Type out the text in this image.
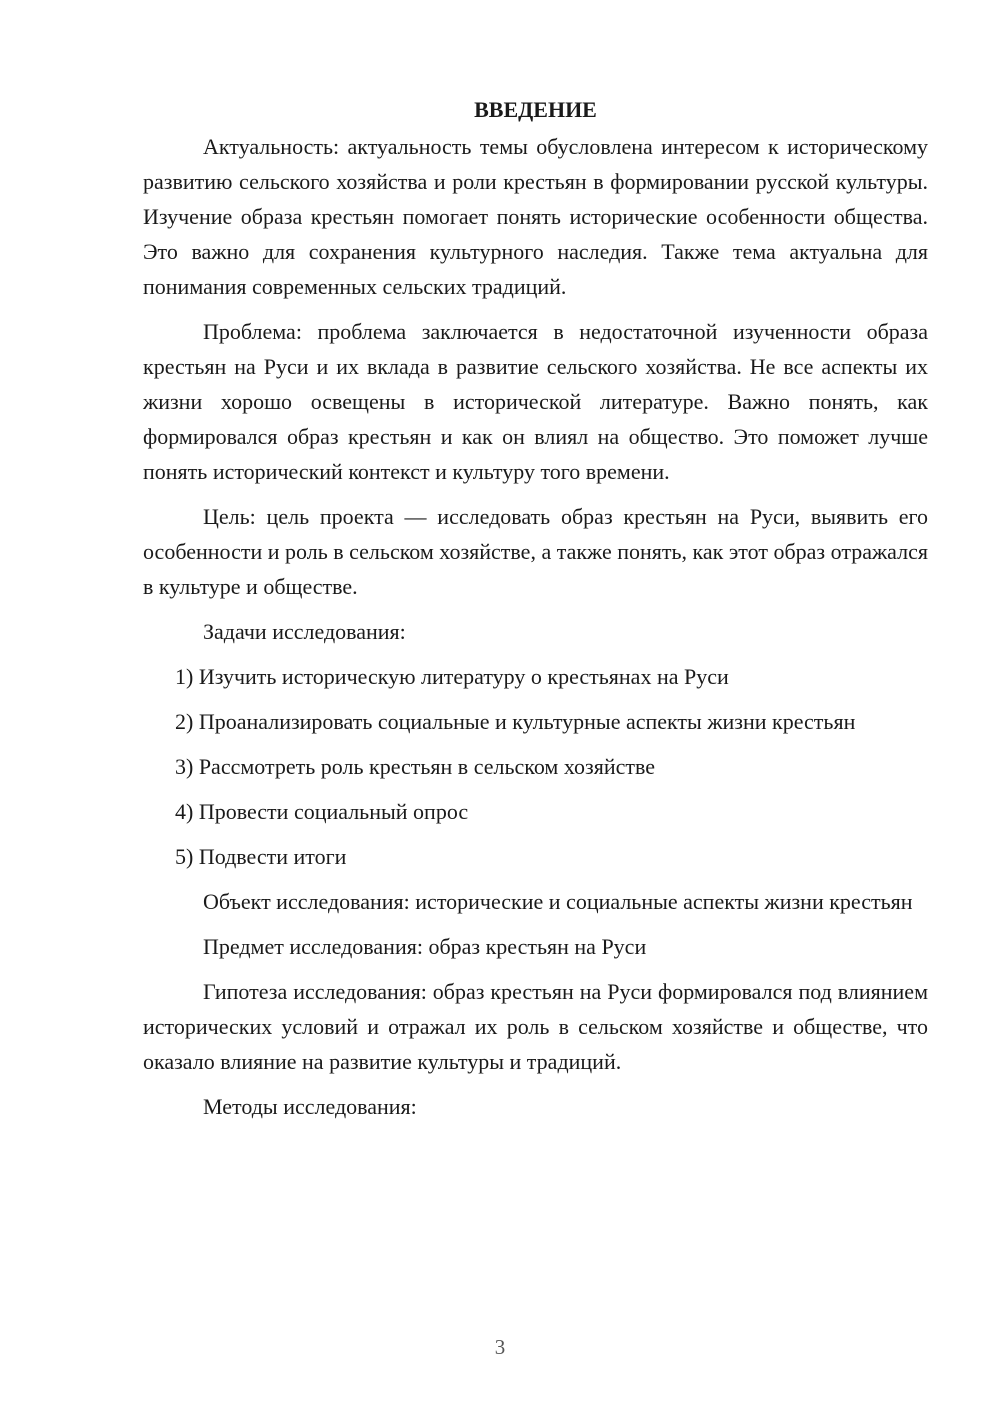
ВВЕДЕНИЕ

Актуальность: актуальность темы обусловлена интересом к историческому развитию сельского хозяйства и роли крестьян в формировании русской культуры. Изучение образа крестьян помогает понять исторические особенности общества. Это важно для сохранения культурного наследия. Также тема актуальна для понимания современных сельских традиций.

Проблема: проблема заключается в недостаточной изученности образа крестьян на Руси и их вклада в развитие сельского хозяйства. Не все аспекты их жизни хорошо освещены в исторической литературе. Важно понять, как формировался образ крестьян и как он влиял на общество. Это поможет лучше понять исторический контекст и культуру того времени.

Цель: цель проекта — исследовать образ крестьян на Руси, выявить его особенности и роль в сельском хозяйстве, а также понять, как этот образ отражался в культуре и обществе.

Задачи исследования:

1) Изучить историческую литературу о крестьянах на Руси

2) Проанализировать социальные и культурные аспекты жизни крестьян

3) Рассмотреть роль крестьян в сельском хозяйстве

4) Провести социальный опрос

5) Подвести итоги

Объект исследования: исторические и социальные аспекты жизни крестьян

Предмет исследования: образ крестьян на Руси

Гипотеза исследования: образ крестьян на Руси формировался под влиянием исторических условий и отражал их роль в сельском хозяйстве и обществе, что оказало влияние на развитие культуры и традиций.

Методы исследования:

3
